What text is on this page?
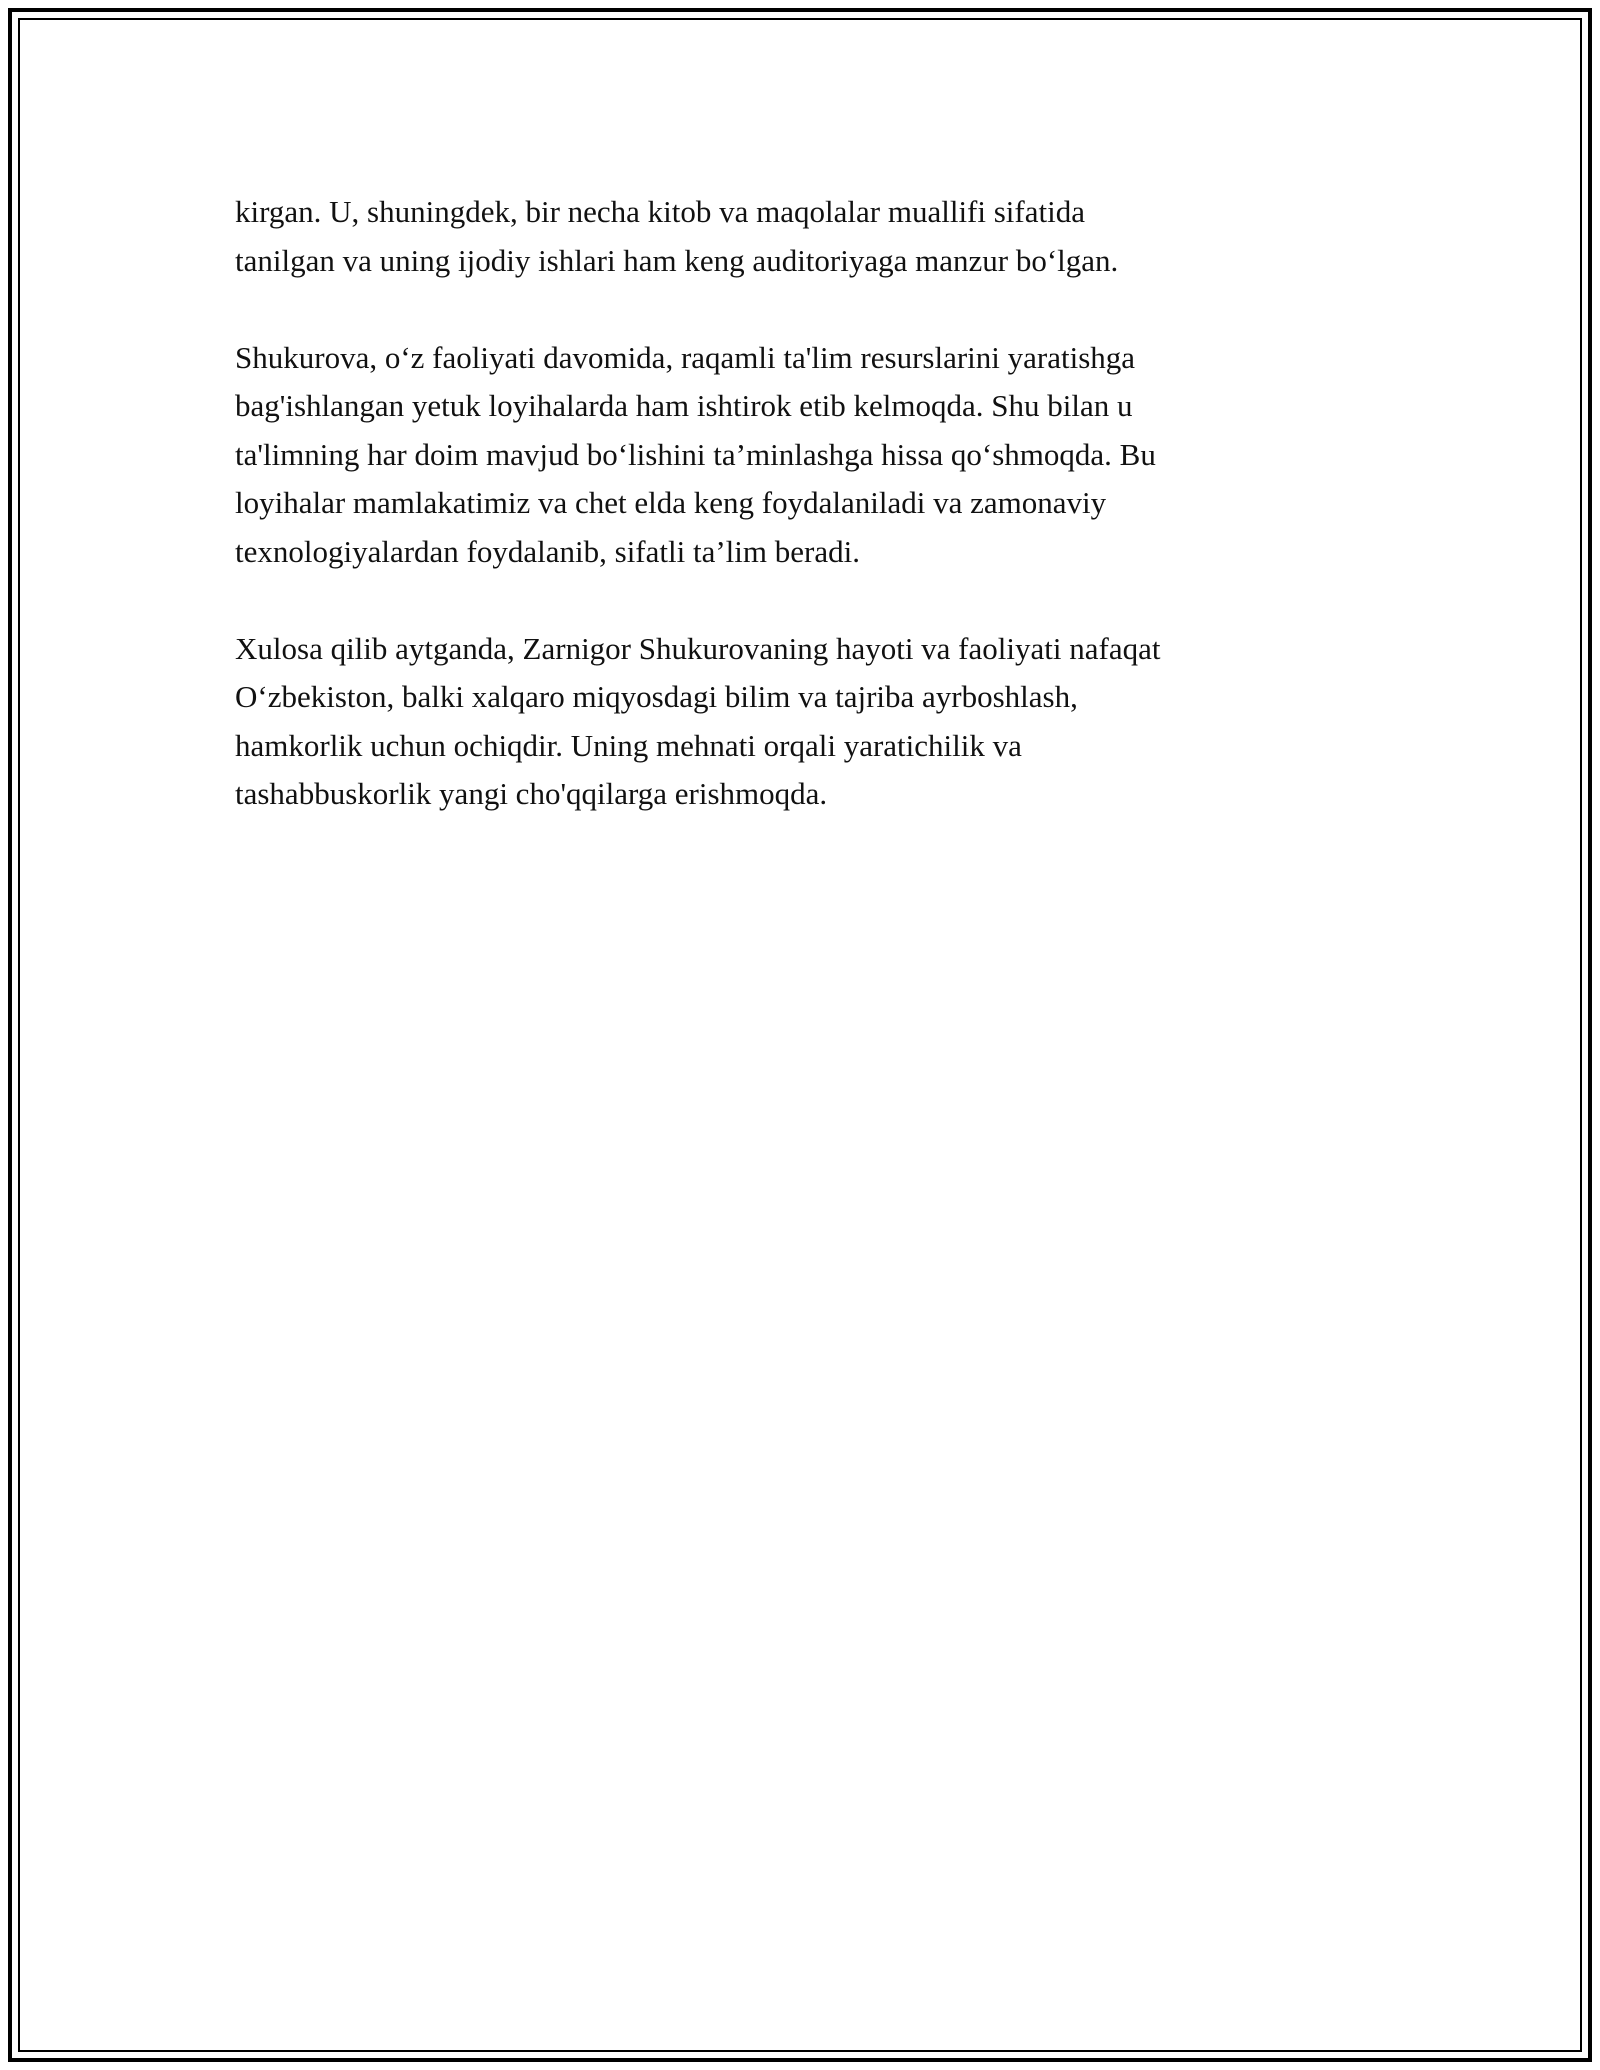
kirgan. U, shuningdek, bir necha kitob va maqolalar muallifi sifatida
tanilgan va uning ijodiy ishlari ham keng auditoriyaga manzur bo‘lgan.

Shukurova, o‘z faoliyati davomida, raqamli ta'lim resurslarini yaratishga
bag'ishlangan yetuk loyihalarda ham ishtirok etib kelmoqda. Shu bilan u
ta'limning har doim mavjud bo‘lishini ta’minlashga hissa qo‘shmoqda. Bu
loyihalar mamlakatimiz va chet elda keng foydalaniladi va zamonaviy
texnologiyalardan foydalanib, sifatli ta’lim beradi.

Xulosa qilib aytganda, Zarnigor Shukurovaning hayoti va faoliyati nafaqat
O‘zbekiston, balki xalqaro miqyosdagi bilim va tajriba ayrboshlash,
hamkorlik uchun ochiqdir. Uning mehnati orqali yaratichilik va
tashabbuskorlik yangi cho'qqilarga erishmoqda.
